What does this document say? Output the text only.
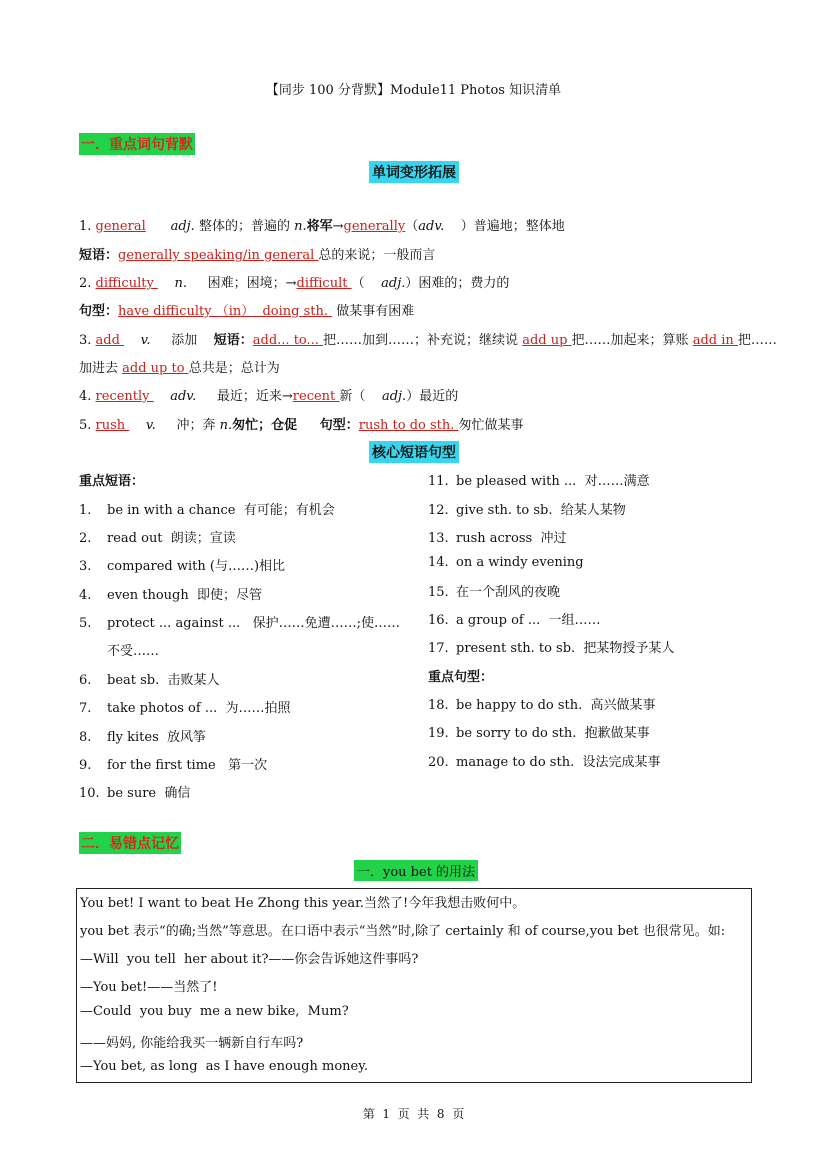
【同步 100 分背默】Module11 Photos 知识清单
一．重点词句背默
单词变形拓展
1. general adj. 整体的；普遍的 n.将军→generally（adv.    ）普遍地；整体地
短语：generally speaking/in general 总的来说；一般而言
2. difficulty     n.     困难；困境；→difficult （    adj.）困难的；费力的
句型：have difficulty （in）  doing sth.  做某事有困难
3. add     v.     添加    短语：add... to... 把……加到……；补充说；继续说 add up 把……加起来；算账 add in 把……
加进去 add up to 总共是；总计为
4. recently     adv.     最近；近来→recent 新（    adj.）最近的
5. rush     v.     冲；奔 n.匆忙；仓促     句型：rush to do sth. 匆忙做某事
核心短语句型
重点短语：
1. be in with a chance  有可能；有机会
2. read out  朗读；宣读
3. compared with (与……)相比
4. even though  即使；尽管
5. protect ... against ...   保护……免遭……;使……
不受……
6. beat sb.  击败某人
7. take photos of ...  为……拍照
8. fly kites  放风筝
9. for the first time   第一次
10. be sure  确信
11. be pleased with ...  对……满意
12. give sth. to sb.  给某人某物
13. rush across  冲过
14. on a windy evening
15. 在一个刮风的夜晚
16. a group of ...  一组……
17. present sth. to sb.  把某物授予某人
重点句型：
18. be happy to do sth.  高兴做某事
19. be sorry to do sth.  抱歉做某事
20. manage to do sth.  设法完成某事
二．易错点记忆
一．you bet 的用法
You bet! I want to beat He Zhong this year.当然了!今年我想击败何中。
you bet 表示“的确;当然”等意思。在口语中表示“当然”时,除了 certainly 和 of course,you bet 也很常见。如:
—Will  you tell  her about it?——你会告诉她这件事吗?
—You bet!——当然了!
—Could  you buy  me a new bike,  Mum?
——妈妈, 你能给我买一辆新自行车吗?
—You bet, as long  as I have enough money.
第  1  页  共  8  页
